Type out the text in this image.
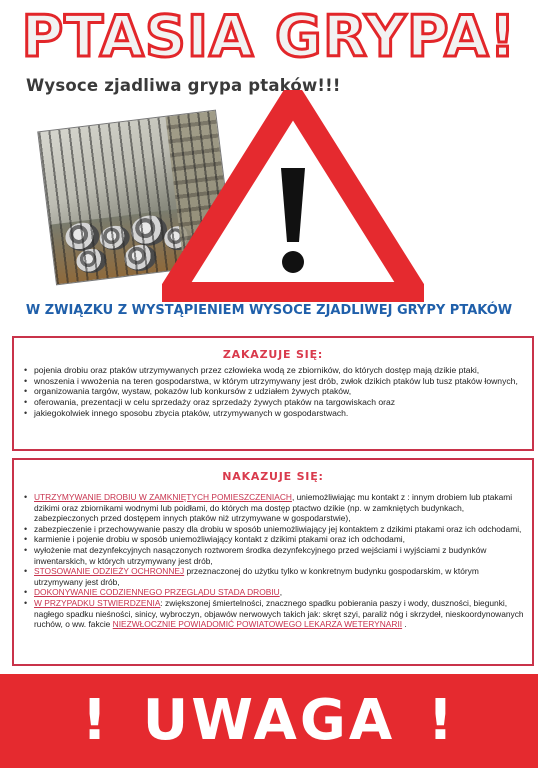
PTASIA GRYPA!
Wysoce zjadliwa grypa ptaków!!!
W ZWIĄZKU Z WYSTĄPIENIEM WYSOCE ZJADLIWEJ GRYPY PTAKÓW
ZAKAZUJE SIĘ:
• pojenia drobiu oraz ptaków utrzymywanych przez człowieka wodą ze zbiorników, do których dostęp mają dzikie ptaki,
• wnoszenia i wwożenia na teren gospodarstwa, w którym utrzymywany jest drób, zwłok dzikich ptaków lub tusz ptaków łownych,
• organizowania targów, wystaw, pokazów lub konkursów z udziałem żywych ptaków,
• oferowania, prezentacji w celu sprzedaży oraz sprzedaży żywych ptaków na targowiskach oraz
• jakiegokolwiek innego sposobu zbycia ptaków, utrzymywanych w gospodarstwach.
NAKAZUJE SIĘ:
• UTRZYMYWANIE DROBIU W ZAMKNIĘTYCH POMIESZCZENIACH, uniemożliwiając mu kontakt z : innym drobiem lub ptakami dzikimi oraz zbiornikami wodnymi lub poidłami, do których ma dostęp ptactwo dzikie (np. w zamkniętych budynkach, zabezpieczonych przed dostępem innych ptaków niż utrzymywane w gospodarstwie),
• zabezpieczenie i przechowywanie paszy dla drobiu w sposób uniemożliwiający jej kontaktem z dzikimi ptakami oraz ich odchodami,
• karmienie i pojenie drobiu w sposób uniemożliwiający kontakt z dzikimi ptakami oraz ich odchodami,
• wyłożenie mat dezynfekcyjnych nasączonych roztworem środka dezynfekcyjnego przed wejściami i wyjściami z budynków inwentarskich, w których utrzymywany jest drób,
• STOSOWANIE ODZIEŻY OCHRONNEJ przeznaczonej do użytku tylko w konkretnym budynku gospodarskim, w którym utrzymywany jest drób,
• DOKONYWANIE CODZIENNEGO PRZEGLĄDU STADA DROBIU,
• W PRZYPADKU STWIERDZENIA: zwiększonej śmiertelności, znacznego spadku pobierania paszy i wody, duszności, biegunki, nagłego spadku nieśności, sinicy, wybroczyn, objawów nerwowych takich jak: skręt szyi, paraliż nóg i skrzydeł, nieskoordynowanych ruchów, o ww. fakcie NIEZWŁOCZNIE POWIADOMIĆ POWIATOWEGO LEKARZA WETERYNARII .
! UWAGA !
